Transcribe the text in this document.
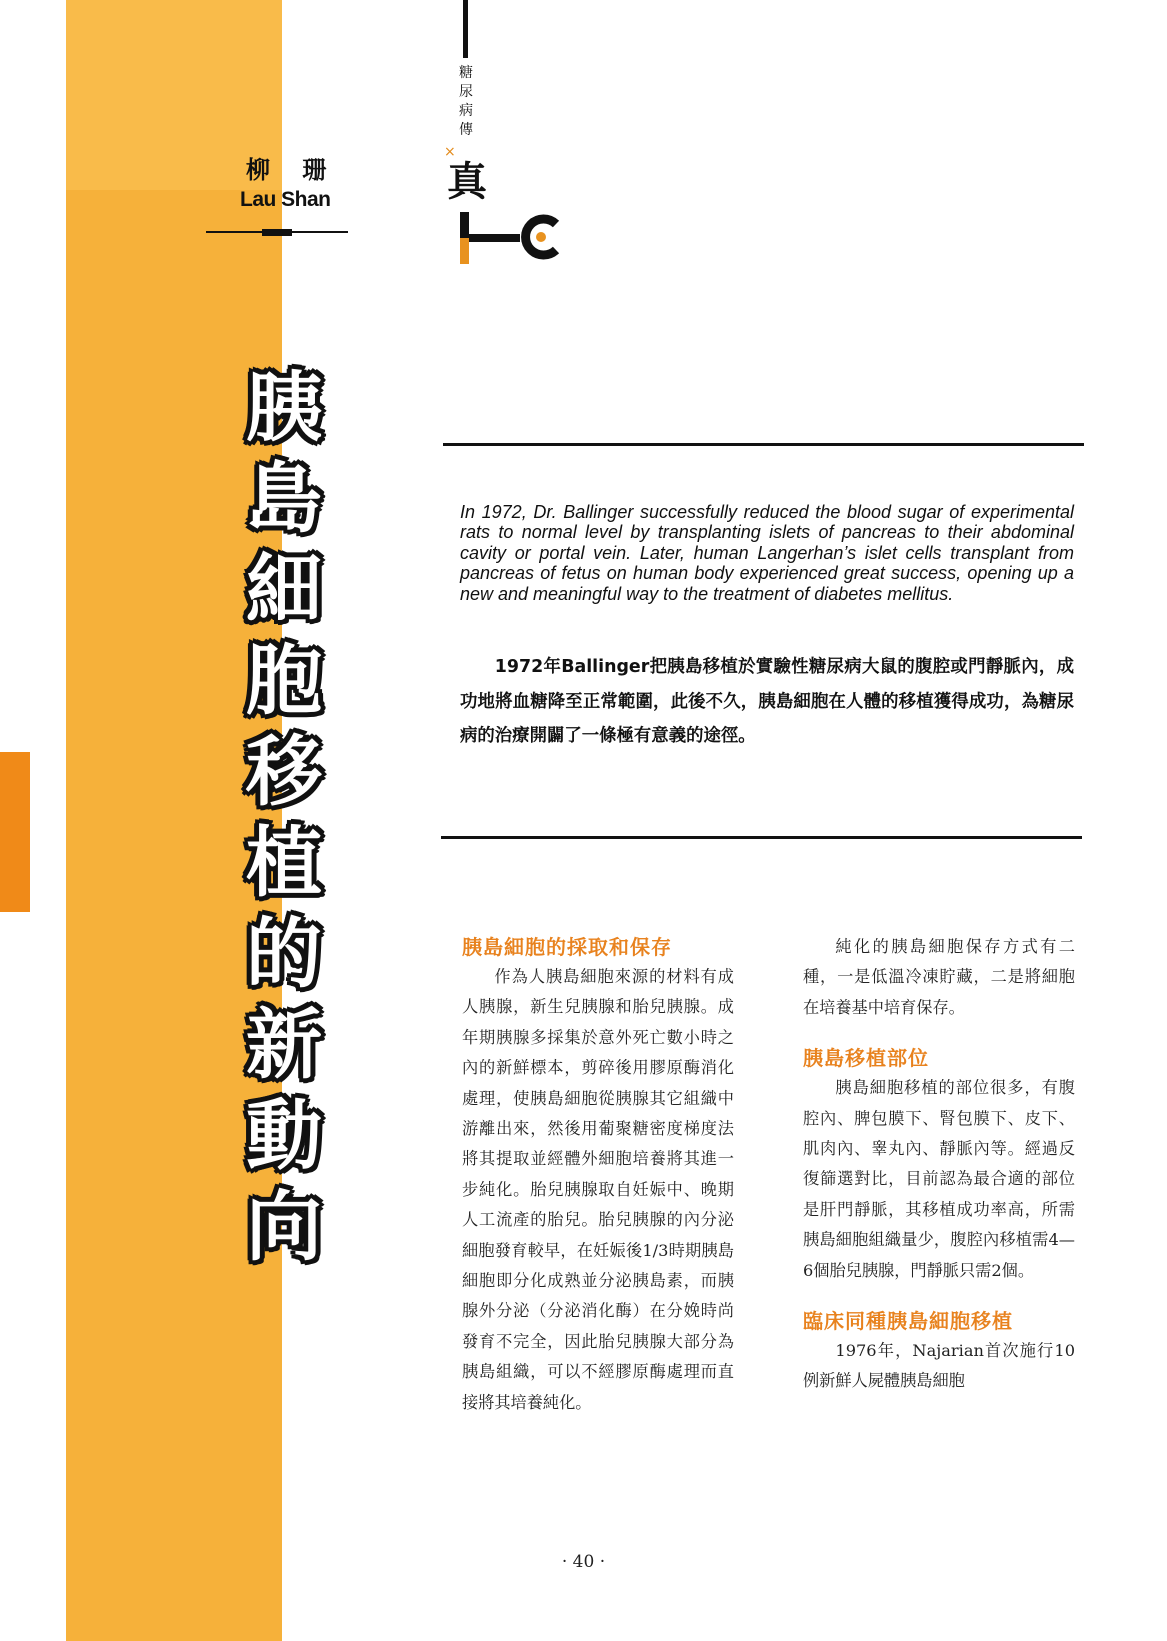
柳 珊
Lau Shan
胰
島
細
胞
移
植
的
新
動
向
糖
尿
病
傳
×
真
In 1972, Dr. Ballinger successfully reduced the blood sugar of experimental rats to normal level by transplanting islets of pancreas to their abdominal cavity or portal vein. Later, human Langerhan’s islet cells transplant from pancreas of fetus on human body experienced great success, opening up a new and meaningful way to the treatment of diabetes mellitus.
1972年Ballinger把胰島移植於實驗性糖尿病大鼠的腹腔或門靜脈內，成功地將血糖降至正常範圍，此後不久，胰島細胞在人體的移植獲得成功，為糖尿病的治療開闢了一條極有意義的途徑。
胰島細胞的採取和保存

作為人胰島細胞來源的材料有成人胰腺，新生兒胰腺和胎兒胰腺。成年期胰腺多採集於意外死亡數小時之內的新鮮標本，剪碎後用膠原酶消化處理，使胰島細胞從胰腺其它組織中游離出來，然後用葡聚糖密度梯度法將其提取並經體外細胞培養將其進一步純化。胎兒胰腺取自妊娠中、晚期人工流產的胎兒。胎兒胰腺的內分泌細胞發育較早，在妊娠後1/3時期胰島細胞即分化成熟並分泌胰島素，而胰腺外分泌（分泌消化酶）在分娩時尚發育不完全，因此胎兒胰腺大部分為胰島組織，可以不經膠原酶處理而直接將其培養純化。

純化的胰島細胞保存方式有二種，一是低溫冷凍貯藏，二是將細胞在培養基中培育保存。

胰島移植部位

胰島細胞移植的部位很多，有腹腔內、脾包膜下、腎包膜下、皮下、肌肉內、睾丸內、靜脈內等。經過反復篩選對比，目前認為最合適的部位是肝門靜脈，其移植成功率高，所需胰島細胞組織量少，腹腔內移植需4—6個胎兒胰腺，門靜脈只需2個。

臨床同種胰島細胞移植

1976年，Najarian首次施行10例新鮮人屍體胰島細胞

· 40 ·
